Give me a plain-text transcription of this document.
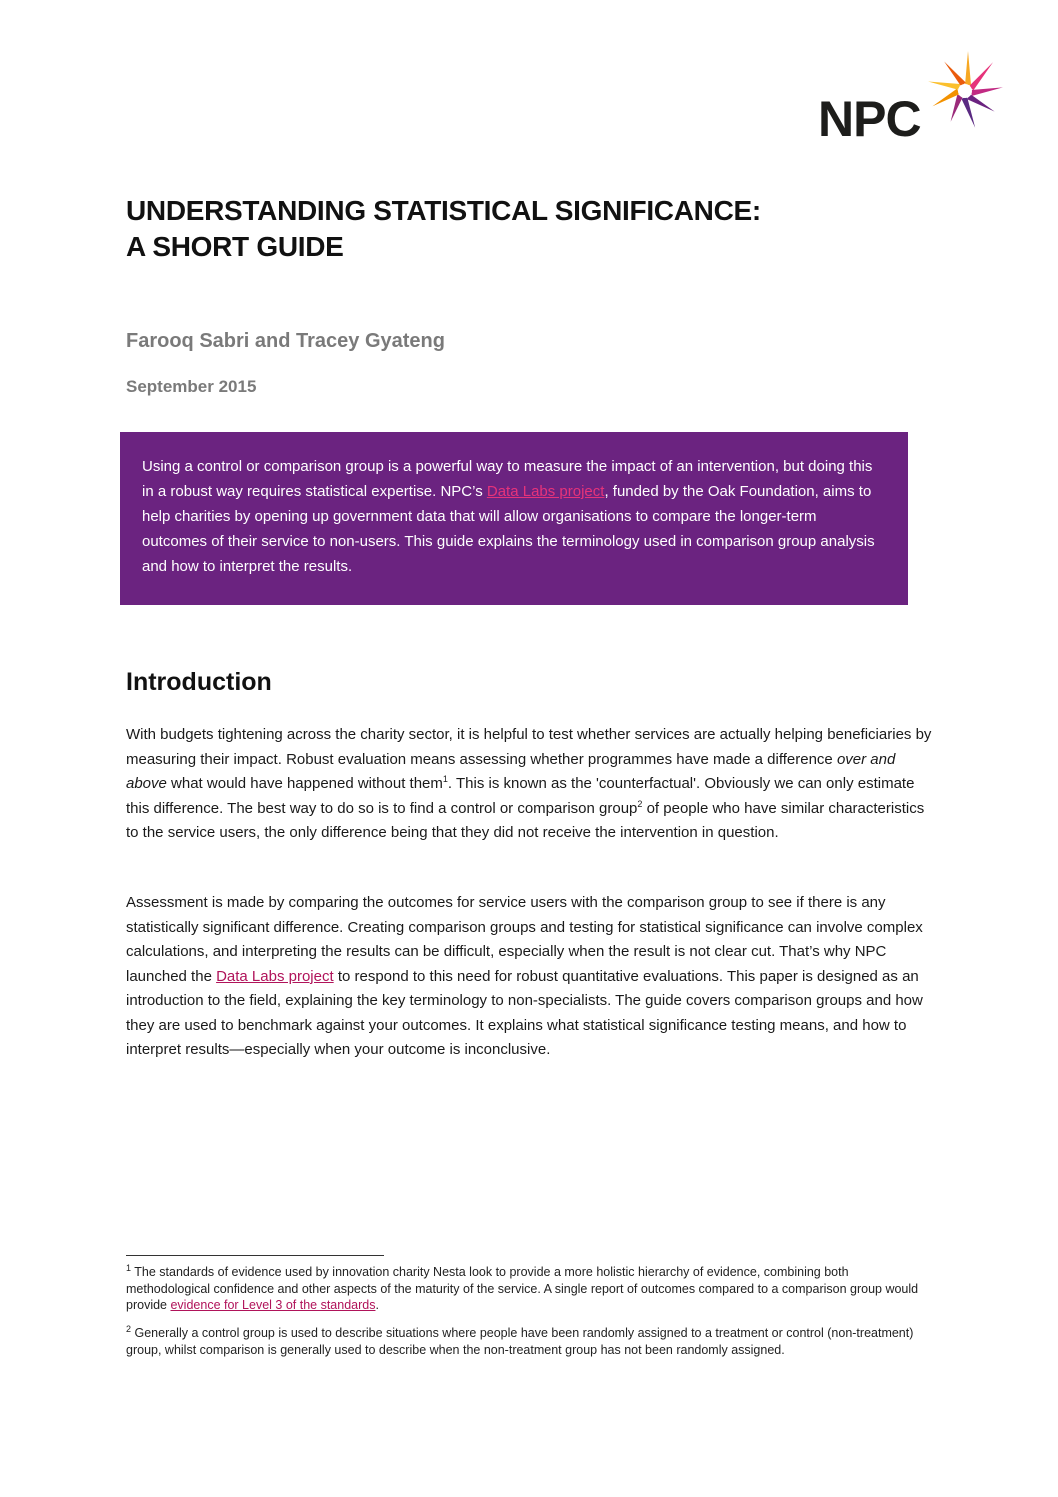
NPC
UNDERSTANDING STATISTICAL SIGNIFICANCE:
A SHORT GUIDE

Farooq Sabri and Tracey Gyateng

September 2015

Using a control or comparison group is a powerful way to measure the impact of an intervention, but doing this in a robust way requires statistical expertise. NPC’s Data Labs project, funded by the Oak Foundation, aims to help charities by opening up government data that will allow organisations to compare the longer-term outcomes of their service to non-users. This guide explains the terminology used in comparison group analysis and how to interpret the results.
Introduction

With budgets tightening across the charity sector, it is helpful to test whether services are actually helping beneficiaries by measuring their impact. Robust evaluation means assessing whether programmes have made a difference over and above what would have happened without them$^1$. This is known as the 'counterfactual'. Obviously we can only estimate this difference. The best way to do so is to find a control or comparison group$^2$ of people who have similar characteristics to the service users, the only difference being that they did not receive the intervention in question.

Assessment is made by comparing the outcomes for service users with the comparison group to see if there is any statistically significant difference. Creating comparison groups and testing for statistical significance can involve complex calculations, and interpreting the results can be difficult, especially when the result is not clear cut. That’s why NPC launched the Data Labs project to respond to this need for robust quantitative evaluations. This paper is designed as an introduction to the field, explaining the key terminology to non-specialists. The guide covers comparison groups and how they are used to benchmark against your outcomes. It explains what statistical significance testing means, and how to interpret results—especially when your outcome is inconclusive.

$^1$ The standards of evidence used by innovation charity Nesta look to provide a more holistic hierarchy of evidence, combining both methodological confidence and other aspects of the maturity of the service. A single report of outcomes compared to a comparison group would provide evidence for Level 3 of the standards.

$^2$ Generally a control group is used to describe situations where people have been randomly assigned to a treatment or control (non-treatment) group, whilst comparison is generally used to describe when the non-treatment group has not been randomly assigned.
